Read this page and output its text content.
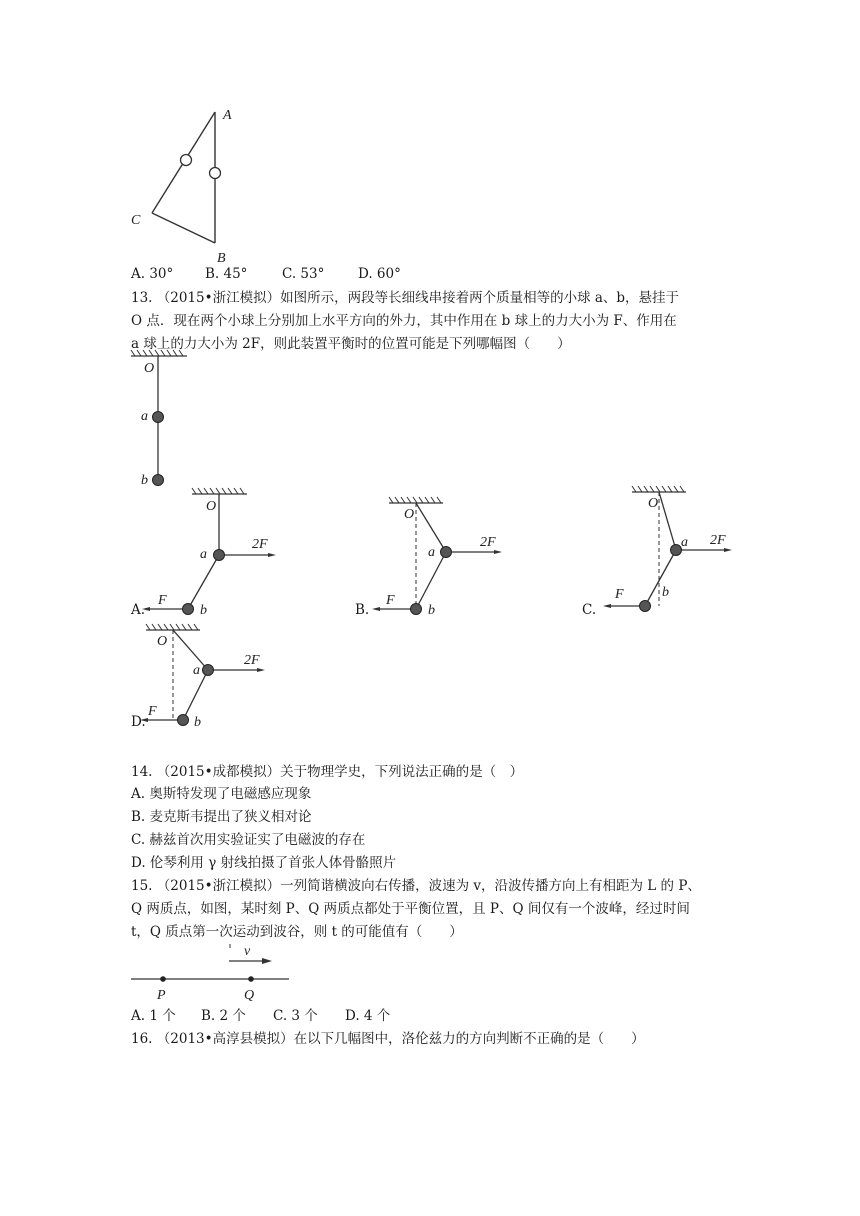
A
C
B
A. 30° B. 45°	C. 53° D. 60°
13. （2015•浙江模拟）如图所示，两段等长细线串接着两个质量相等的小球 a、b，悬挂于
O 点．现在两个小球上分别加上水平方向的外力，其中作用在 b 球上的力大小为 F、作用在
a 球上的力大小为 2F，则此装置平衡时的位置可能是下列哪幅图（　　）
O
a
b
O
a
2F
F
b
A.
O
a
2F
F
b
B.
O
a 2F
F	b
C.
O
a
2F
F
b
D.
14. （2015•成都模拟）关于物理学史，下列说法正确的是（　）
A. 奥斯特发现了电磁感应现象
B. 麦克斯韦提出了狭义相对论
C. 赫兹首次用实验证实了电磁波的存在
D. 伦琴利用 γ 射线拍摄了首张人体骨骼照片
15. （2015•浙江模拟）一列简谐横波向右传播，波速为 v，沿波传播方向上有相距为 L 的 P、
Q 两质点，如图，某时刻 P、Q 两质点都处于平衡位置，且 P、Q 间仅有一个波峰，经过时间
t，Q 质点第一次运动到波谷，则 t 的可能值有（　　）
v
P	Q
A. 1 个 B. 2 个 C. 3 个 D. 4 个
16. （2013•高淳县模拟）在以下几幅图中，洛伦兹力的方向判断不正确的是（　　）
